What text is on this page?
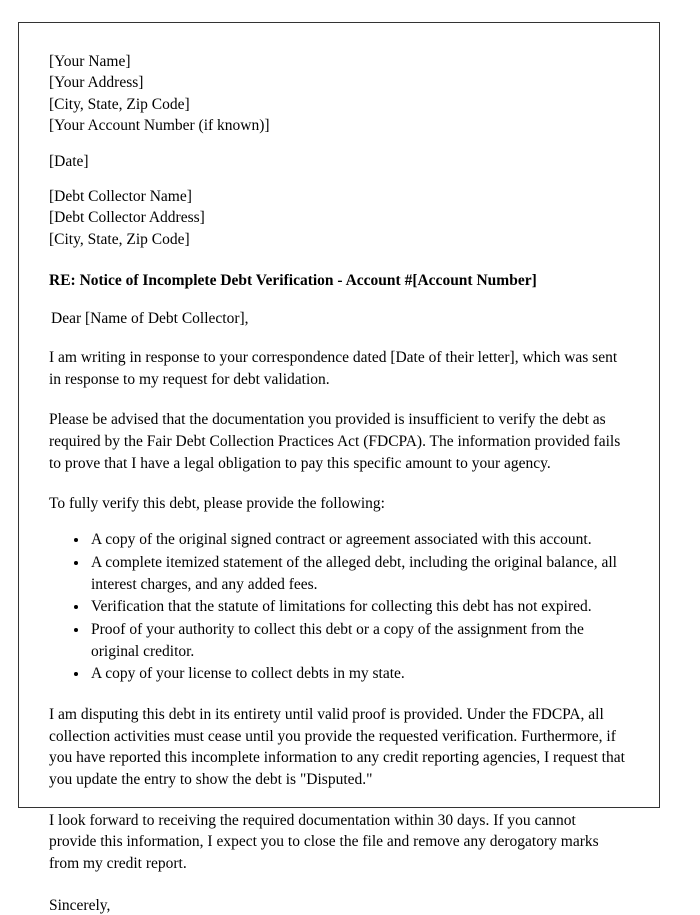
[Your Name]
[Your Address]
[City, State, Zip Code]
[Your Account Number (if known)]
[Date]
[Debt Collector Name]
[Debt Collector Address]
[City, State, Zip Code]
RE: Notice of Incomplete Debt Verification - Account #[Account Number]
Dear [Name of Debt Collector],

I am writing in response to your correspondence dated [Date of their letter], which was sent in response to my request for debt validation.

Please be advised that the documentation you provided is insufficient to verify the debt as required by the Fair Debt Collection Practices Act (FDCPA). The information provided fails to prove that I have a legal obligation to pay this specific amount to your agency.

To fully verify this debt, please provide the following:

• A copy of the original signed contract or agreement associated with this account.
• A complete itemized statement of the alleged debt, including the original balance, all interest charges, and any added fees.
• Verification that the statute of limitations for collecting this debt has not expired.
• Proof of your authority to collect this debt or a copy of the assignment from the original creditor.
• A copy of your license to collect debts in my state.

I am disputing this debt in its entirety until valid proof is provided. Under the FDCPA, all collection activities must cease until you provide the requested verification. Furthermore, if you have reported this incomplete information to any credit reporting agencies, I request that you update the entry to show the debt is "Disputed."

I look forward to receiving the required documentation within 30 days. If you cannot provide this information, I expect you to close the file and remove any derogatory marks from my credit report.

Sincerely,
